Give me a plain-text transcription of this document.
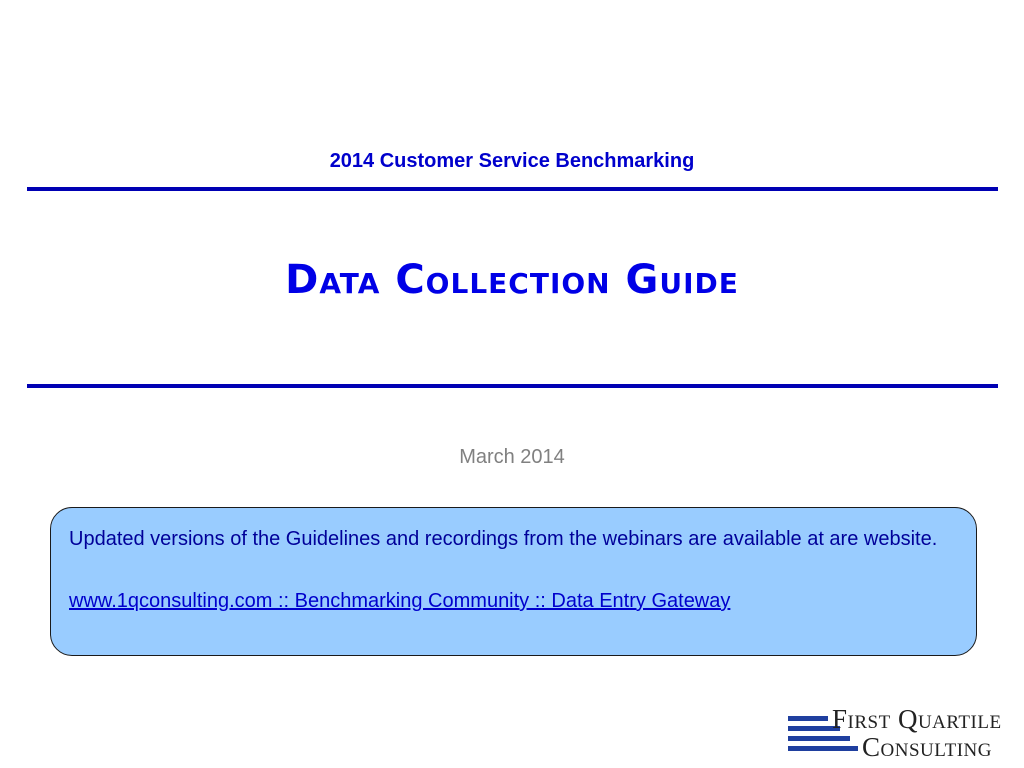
2014 Customer Service Benchmarking
Data Collection Guide
March 2014

Updated versions of the Guidelines and recordings from the webinars are available at are website.

www.1qconsulting.com :: Benchmarking Community :: Data Entry Gateway
First Quartile
Consulting
